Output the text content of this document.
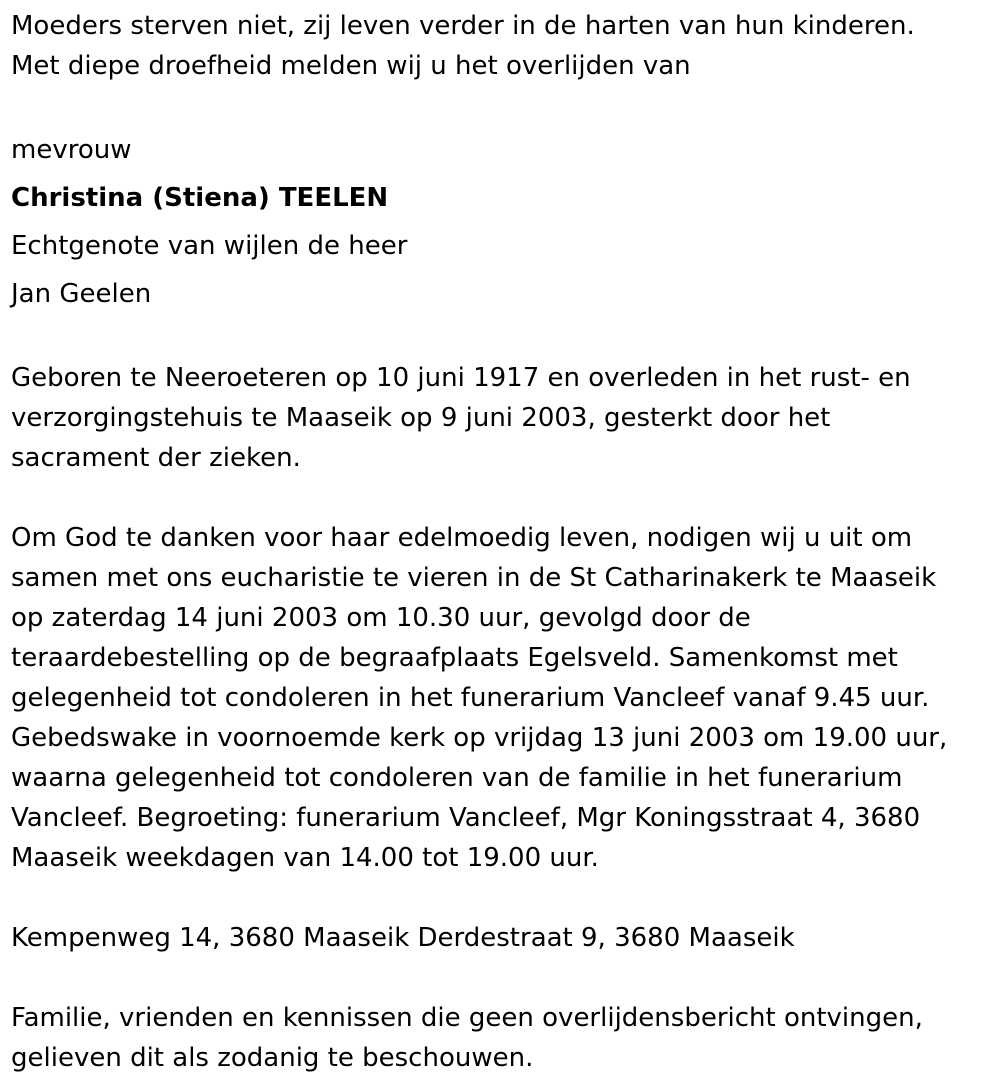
Moeders sterven niet, zij leven verder in de harten van hun kinderen.
Met diepe droefheid melden wij u het overlijden van
mevrouw
Christina (Stiena) TEELEN
Echtgenote van wijlen de heer
Jan Geelen
Geboren te Neeroeteren op 10 juni 1917 en overleden in het rust- en
verzorgingstehuis te Maaseik op 9 juni 2003, gesterkt door het
sacrament der zieken.
Om God te danken voor haar edelmoedig leven, nodigen wij u uit om
samen met ons eucharistie te vieren in de St Catharinakerk te Maaseik
op zaterdag 14 juni 2003 om 10.30 uur, gevolgd door de
teraardebestelling op de begraafplaats Egelsveld. Samenkomst met
gelegenheid tot condoleren in het funerarium Vancleef vanaf 9.45 uur.
Gebedswake in voornoemde kerk op vrijdag 13 juni 2003 om 19.00 uur,
waarna gelegenheid tot condoleren van de familie in het funerarium
Vancleef. Begroeting: funerarium Vancleef, Mgr Koningsstraat 4, 3680
Maaseik weekdagen van 14.00 tot 19.00 uur.
Kempenweg 14, 3680 Maaseik Derdestraat 9, 3680 Maaseik
Familie, vrienden en kennissen die geen overlijdensbericht ontvingen,
gelieven dit als zodanig te beschouwen.
